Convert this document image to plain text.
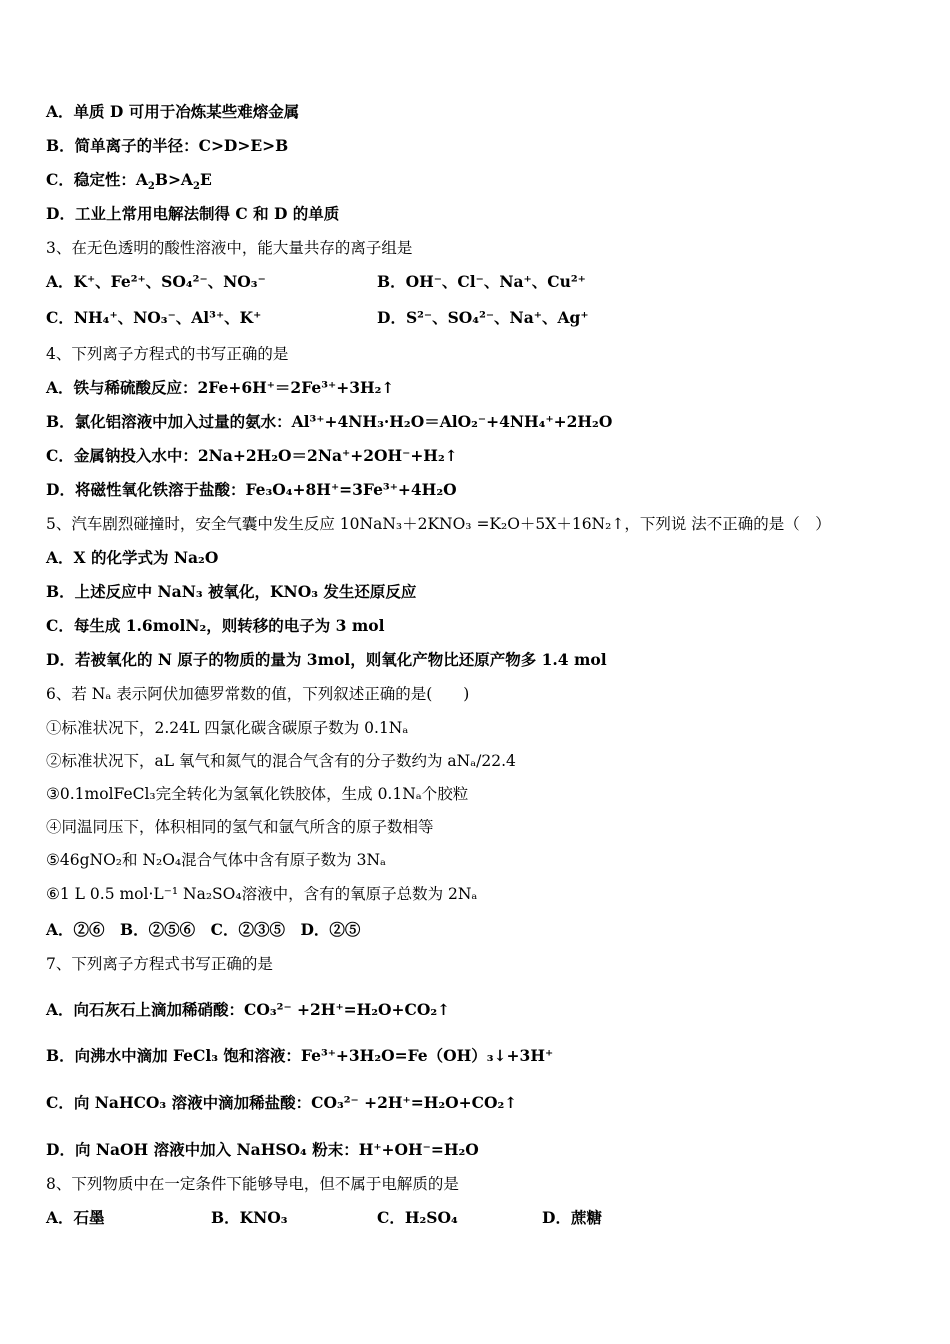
A．单质 D 可用于冶炼某些难熔金属
B．简单离子的半径：C>D>E>B
C．稳定性：$A_2B>A_2E$
D．工业上常用电解法制得 C 和 D 的单质
3、在无色透明的酸性溶液中，能大量共存的离子组是
A．K⁺、Fe²⁺、SO₄²⁻、NO₃⁻	B．OH⁻、Cl⁻、Na⁺、Cu²⁺
C．NH₄⁺、NO₃⁻、Al³⁺、K⁺	D．S²⁻、SO₄²⁻、Na⁺、Ag⁺
4、下列离子方程式的书写正确的是
A．铁与稀硫酸反应：2Fe+6H⁺＝2Fe³⁺+3H₂↑
B．氯化铝溶液中加入过量的氨水：Al³⁺+4NH₃·H₂O＝AlO₂⁻+4NH₄⁺+2H₂O
C．金属钠投入水中：2Na+2H₂O＝2Na⁺+2OH⁻+H₂↑
D．将磁性氧化铁溶于盐酸：Fe₃O₄+8H⁺=3Fe³⁺+4H₂O
5、汽车剧烈碰撞时，安全气囊中发生反应 10NaN₃＋2KNO₃ =K₂O＋5X＋16N₂↑，下列说 法不正确的是（　）
A．X 的化学式为 Na₂O
B．上述反应中 NaN₃ 被氧化，KNO₃ 发生还原反应
C．每生成 1.6molN₂，则转移的电子为 3 mol
D．若被氧化的 N 原子的物质的量为 3mol，则氧化产物比还原产物多 1.4 mol
6、若 Nₐ 表示阿伏加德罗常数的值，下列叙述正确的是(　　)
①标准状况下，2.24L 四氯化碳含碳原子数为 0.1Nₐ
②标准状况下，aL 氧气和氮气的混合气含有的分子数约为 aNₐ/22.4
③0.1molFeCl₃完全转化为氢氧化铁胶体，生成 0.1Nₐ个胶粒
④同温同压下，体积相同的氢气和氩气所含的原子数相等
⑤46gNO₂和 N₂O₄混合气体中含有原子数为 3Nₐ
⑥1 L 0.5 mol·L⁻¹ Na₂SO₄溶液中，含有的氧原子总数为 2Nₐ
A．②⑥　B．②⑤⑥　C．②③⑤　D．②⑤
7、下列离子方程式书写正确的是
A．向石灰石上滴加稀硝酸：CO₃²⁻ +2H⁺=H₂O+CO₂↑
B．向沸水中滴加 FeCl₃ 饱和溶液：Fe³⁺+3H₂O=Fe（OH）₃↓+3H⁺
C．向 NaHCO₃ 溶液中滴加稀盐酸：CO₃²⁻ +2H⁺=H₂O+CO₂↑
D．向 NaOH 溶液中加入 NaHSO₄ 粉末：H⁺+OH⁻=H₂O
8、下列物质中在一定条件下能够导电，但不属于电解质的是
A．石墨	B．KNO₃	C．H₂SO₄	D．蔗糖
